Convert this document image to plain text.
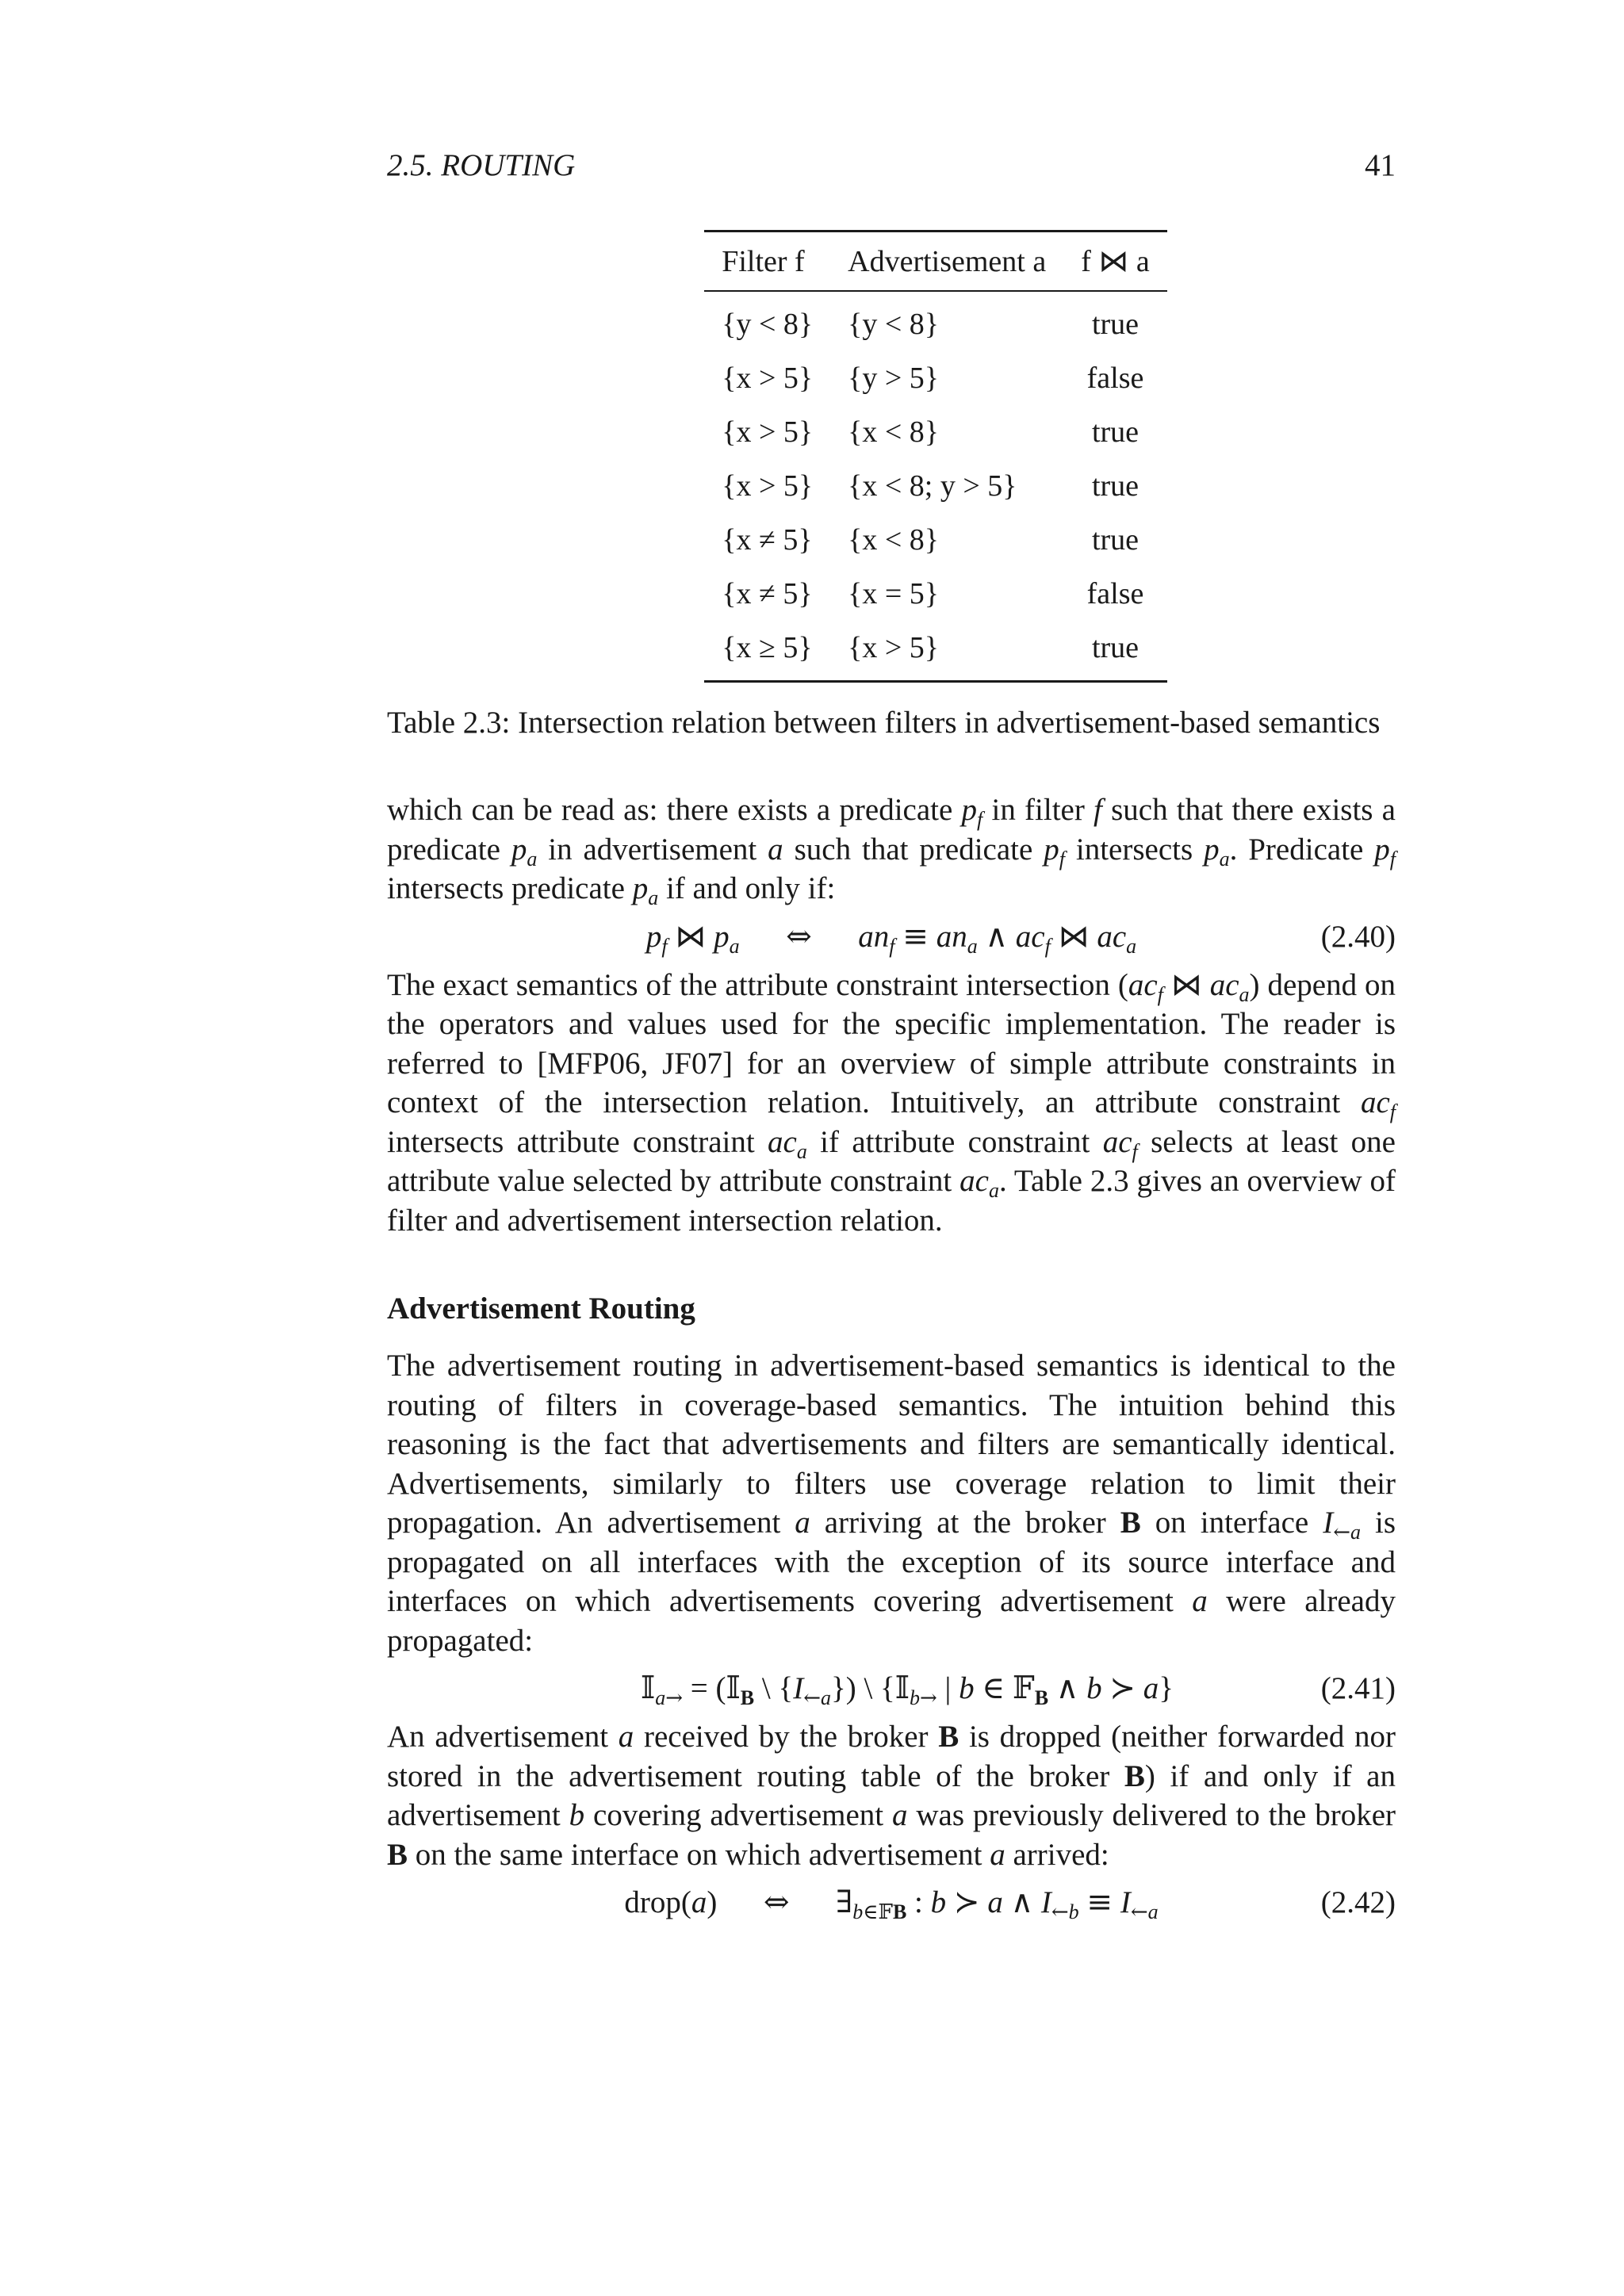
2.5. ROUTING	41
Filter f	Advertisement a	f ⋈ a
{y < 8}	{y < 8}	true
{x > 5}	{y > 5}	false
{x > 5}	{x < 8}	true
{x > 5}	{x < 8; y > 5}	true
{x ≠ 5}	{x < 8}	true
{x ≠ 5}	{x = 5}	false
{x ≥ 5}	{x > 5}	true
Table 2.3: Intersection relation between filters in advertisement-based semantics

which can be read as: there exists a predicate $p_f$ in filter f such that there exists a predicate $p_a$ in advertisement a such that predicate $p_f$ intersects $p_a$. Predicate $p_f$ intersects predicate $p_a$ if and only if:

$p_f$ ⋈ $p_a$ ⇔ $an_f \equiv an_a$ ∧ $ac_f$ ⋈ $ac_a$	(2.40)

The exact semantics of the attribute constraint intersection ($ac_f$ ⋈ $ac_a$) depend on the operators and values used for the specific implementation. The reader is referred to [MFP06, JF07] for an overview of simple attribute constraints in context of the intersection relation. Intuitively, an attribute constraint $ac_f$ intersects attribute constraint $ac_a$ if attribute constraint $ac_f$ selects at least one attribute value selected by attribute constraint $ac_a$. Table 2.3 gives an overview of filter and advertisement intersection relation.

Advertisement Routing

The advertisement routing in advertisement-based semantics is identical to the routing of filters in coverage-based semantics. The intuition behind this reasoning is the fact that advertisements and filters are semantically identical. Advertisements, similarly to filters use coverage relation to limit their propagation. An advertisement a arriving at the broker B on interface $I_{\leftarrow a}$ is propagated on all interfaces with the exception of its source interface and interfaces on which advertisements covering advertisement a were already propagated:

𝕀$_{a\to}$ = (𝕀$_B$ \ $\{I_{\leftarrow a}\}$) \ {𝕀$_{b\to}$ | b ∈ 𝔽$_B$ ∧ b ≻ a}	(2.41)

An advertisement a received by the broker B is dropped (neither forwarded nor stored in the advertisement routing table of the broker B) if and only if an advertisement b covering advertisement a was previously delivered to the broker B on the same interface on which advertisement a arrived:

drop(a)      ⇔ $\exists_{b\in 𝔽B}$ : b ≻ a ∧ $I_{\leftarrow b} \equiv I_{\leftarrow a}$	(2.42)
